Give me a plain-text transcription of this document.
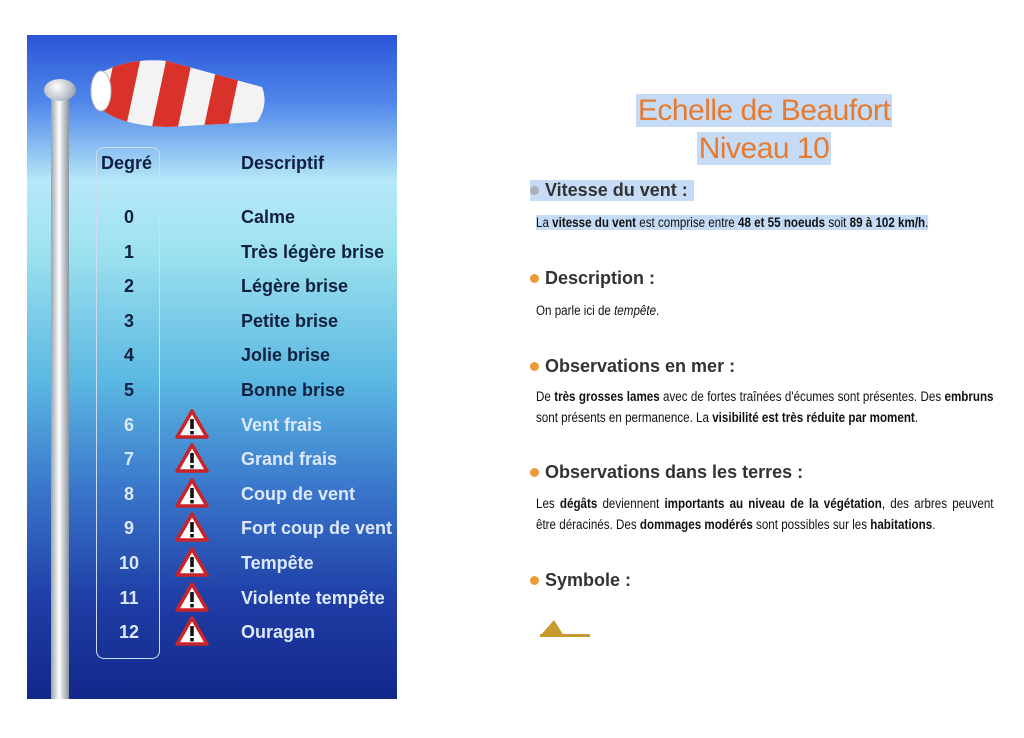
Degré	Descriptif
0	Calme
1	Très légère brise
2	Légère brise
3	Petite brise
4	Jolie brise
5	Bonne brise
6	Vent frais
7	Grand frais
8	Coup de vent
9	Fort coup de vent
10	Tempête
11	Violente tempête
12	Ouragan
Echelle de Beaufort
Niveau 10
Vitesse du vent :
La vitesse du vent est comprise entre 48 et 55 noeuds soit 89 à 102 km/h.
Description :
On parle ici de tempête.
Observations en mer :
De très grosses lames avec de fortes traînées d'écumes sont présentes. Des embruns sont présents en permanence. La visibilité est très réduite par moment.
Observations dans les terres :
Les dégâts deviennent importants au niveau de la végétation, des arbres peuvent être déracinés. Des dommages modérés sont possibles sur les habitations.
Symbole :
